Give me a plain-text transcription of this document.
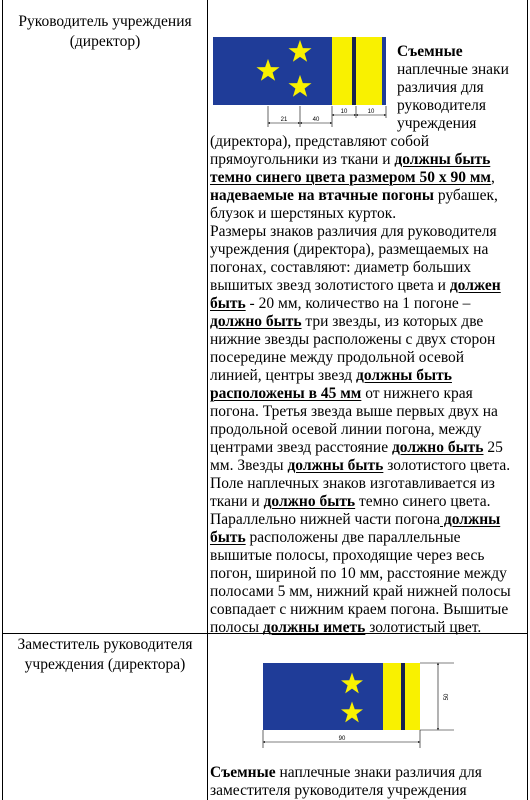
Руководитель учреждения
(директор)
21	40
10	10
Съемные
наплечные знаки
различия для
руководителя
учреждения
(директора), представляют собой
прямоугольники из ткани и должны быть
темно синего цвета размером 50 х 90 мм,
надеваемые на втачные погоны рубашек,
блузок и шерстяных курток.
Размеры знаков различия для руководителя
учреждения (директора), размещаемых на
погонах, составляют: диаметр больших
вышитых звезд золотистого цвета и должен
быть - 20 мм, количество на 1 погоне –
должно быть три звезды, из которых две
нижние звезды расположены с двух сторон
посередине между продольной осевой
линией, центры звезд должны быть
расположены в 45 мм от нижнего края
погона. Третья звезда выше первых двух на
продольной осевой линии погона, между
центрами звезд расстояние должно быть 25
мм. Звезды должны быть золотистого цвета.
Поле наплечных знаков изготавливается из
ткани и должно быть темно синего цвета.
Параллельно нижней части погона должны
быть расположены две параллельные
вышитые полосы, проходящие через весь
погон, шириной по 10 мм, расстояние между
полосами 5 мм, нижний край нижней полосы
совпадает с нижним краем погона. Вышитые
полосы должны иметь золотистый цвет.
Заместитель руководителя
учреждения (директора)
50
90
Съемные наплечные знаки различия для
заместителя руководителя учреждения
